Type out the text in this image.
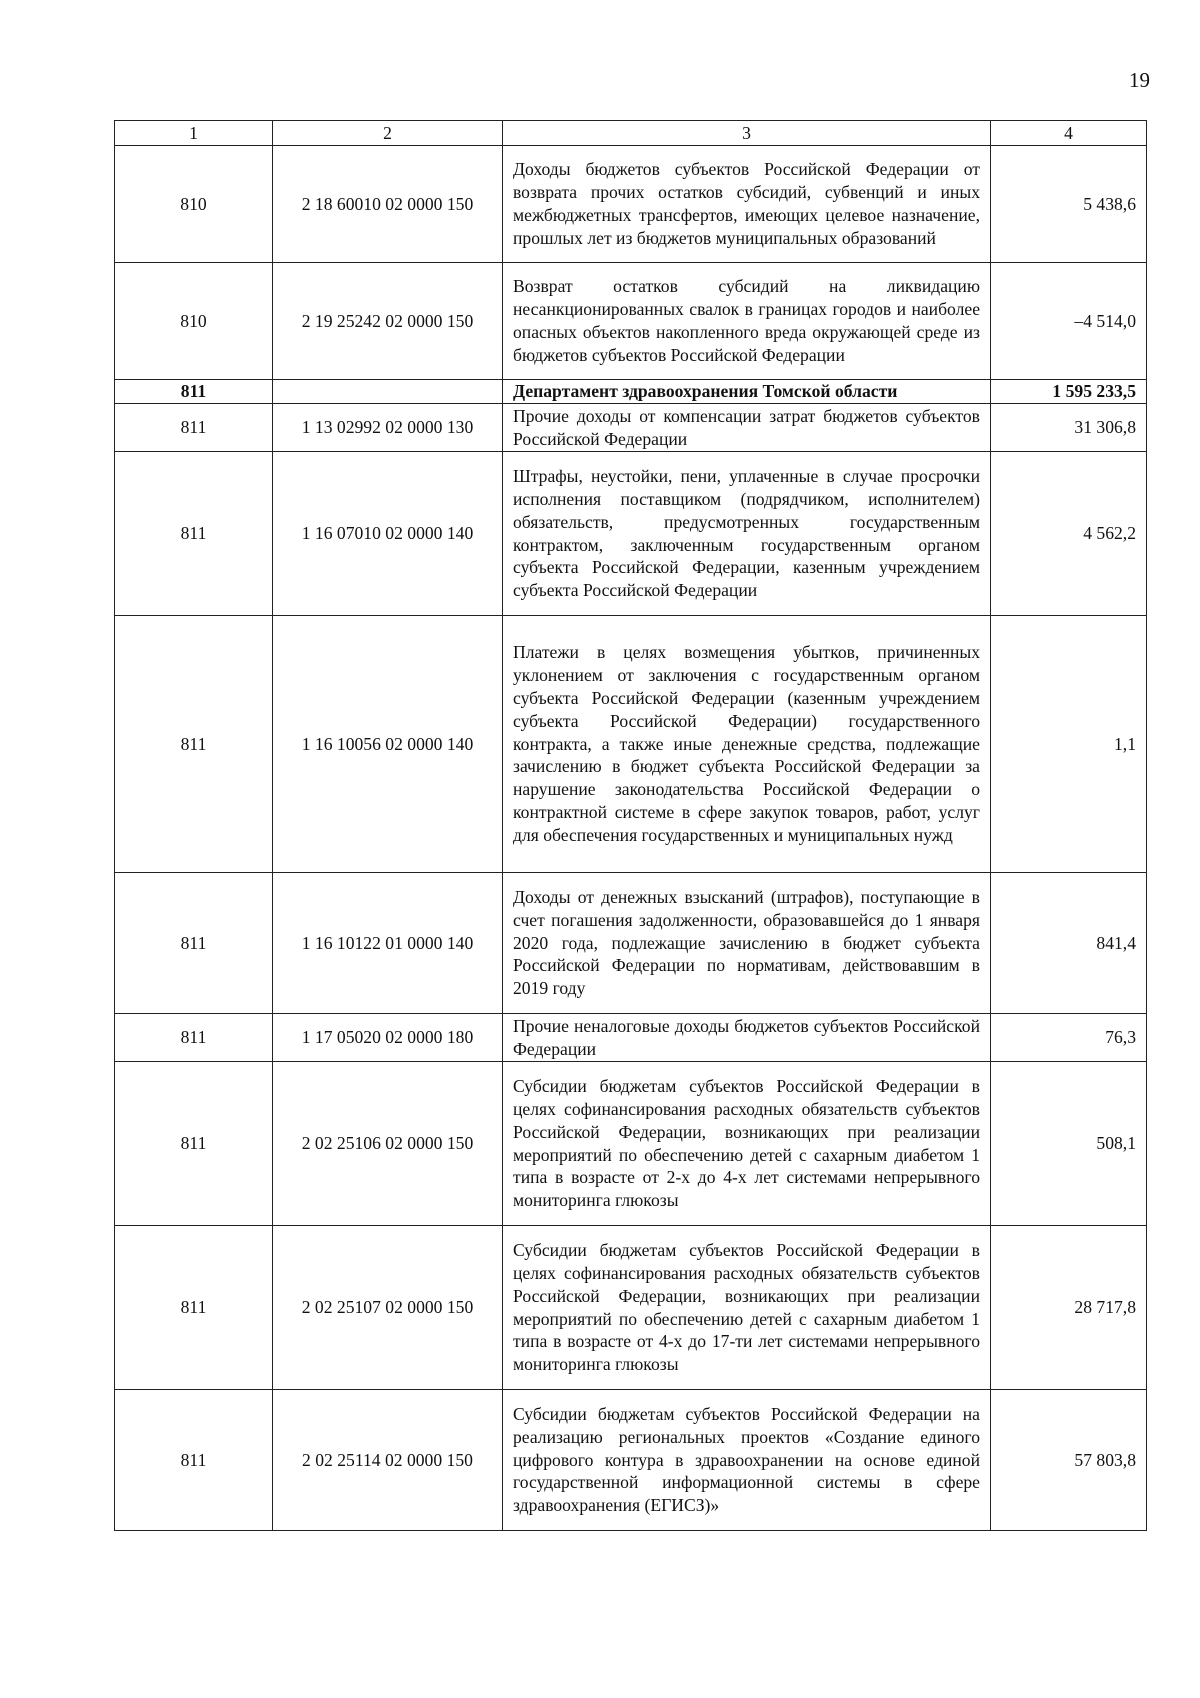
19
1	2	3	4
810	2 18 60010 02 0000 150	Доходы бюджетов субъектов Российской Федерации от возврата прочих остатков субсидий, субвенций и иных межбюджетных трансфертов, имеющих целевое назначение, прошлых лет из бюджетов муниципальных образований	5 438,6
810	2 19 25242 02 0000 150	Возврат остатков субсидий на ликвидацию несанкционированных свалок в границах городов и наиболее опасных объектов накопленного вреда окружающей среде из бюджетов субъектов Российской Федерации	–4 514,0
811		Департамент здравоохранения Томской области	1 595 233,5
811	1 13 02992 02 0000 130	Прочие доходы от компенсации затрат бюджетов субъектов Российской Федерации	31 306,8
811	1 16 07010 02 0000 140	Штрафы, неустойки, пени, уплаченные в случае просрочки исполнения поставщиком (подрядчиком, исполнителем) обязательств, предусмотренных государственным контрактом, заключенным государственным органом субъекта Российской Федерации, казенным учреждением субъекта Российской Федерации	4 562,2
811	1 16 10056 02 0000 140	Платежи в целях возмещения убытков, причиненных уклонением от заключения с государственным органом субъекта Российской Федерации (казенным учреждением субъекта Российской Федерации) государственного контракта, а также иные денежные средства, подлежащие зачислению в бюджет субъекта Российской Федерации за нарушение законодательства Российской Федерации о контрактной системе в сфере закупок товаров, работ, услуг для обеспечения государственных и муниципальных нужд	1,1
811	1 16 10122 01 0000 140	Доходы от денежных взысканий (штрафов), поступающие в счет погашения задолженности, образовавшейся до 1 января 2020 года, подлежащие зачислению в бюджет субъекта Российской Федерации по нормативам, действовавшим в 2019 году	841,4
811	1 17 05020 02 0000 180	Прочие неналоговые доходы бюджетов субъектов Российской Федерации	76,3
811	2 02 25106 02 0000 150	Субсидии бюджетам субъектов Российской Федерации в целях софинансирования расходных обязательств субъектов Российской Федерации, возникающих при реализации мероприятий по обеспечению детей с сахарным диабетом 1 типа в возрасте от 2-х до 4-х лет системами непрерывного мониторинга глюкозы	508,1
811	2 02 25107 02 0000 150	Субсидии бюджетам субъектов Российской Федерации в целях софинансирования расходных обязательств субъектов Российской Федерации, возникающих при реализации мероприятий по обеспечению детей с сахарным диабетом 1 типа в возрасте от 4-х до 17-ти лет системами непрерывного мониторинга глюкозы	28 717,8
811	2 02 25114 02 0000 150	Субсидии бюджетам субъектов Российской Федерации на реализацию региональных проектов «Создание единого цифрового контура в здравоохранении на основе единой государственной информационной системы в сфере здравоохранения (ЕГИСЗ)»	57 803,8
